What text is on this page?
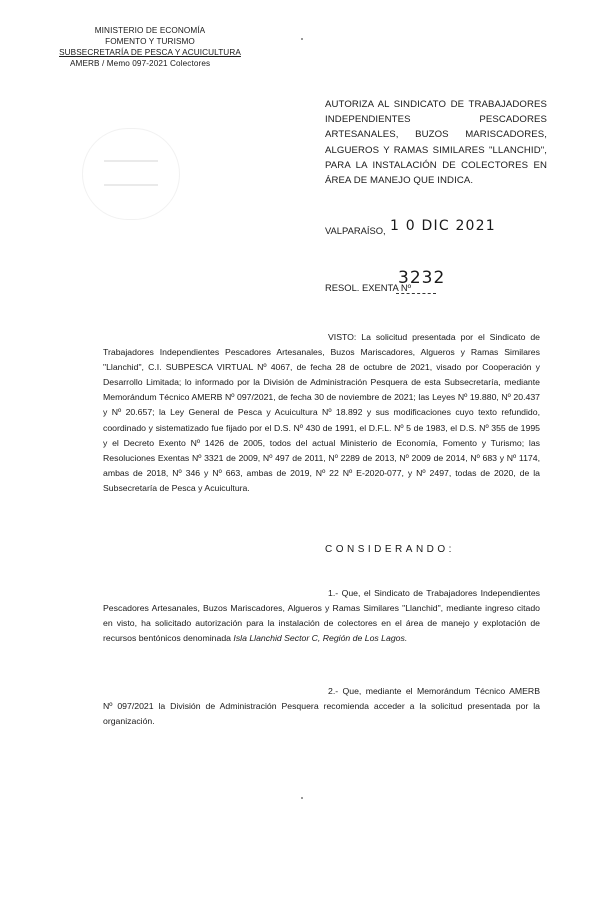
MINISTERIO DE ECONOMÍA
FOMENTO Y TURISMO
SUBSECRETARÍA DE PESCA Y ACUICULTURA
AMERB / Memo 097-2021 Colectores
AUTORIZA AL SINDICATO DE TRABAJADORES INDEPENDIENTES PESCADORES ARTESANALES, BUZOS MARISCADORES, ALGUEROS Y RAMAS SIMILARES "LLANCHID", PARA LA INSTALACIÓN DE COLECTORES EN ÁREA DE MANEJO QUE INDICA.
VALPARAÍSO, 1 0 DIC 2021
RESOL. EXENTA Nº
3232
VISTO: La solicitud presentada por el Sindicato de Trabajadores Independientes Pescadores Artesanales, Buzos Mariscadores, Algueros y Ramas Similares "Llanchid", C.I. SUBPESCA VIRTUAL Nº 4067, de fecha 28 de octubre de 2021, visado por Cooperación y Desarrollo Limitada; lo informado por la División de Administración Pesquera de esta Subsecretaría, mediante Memorándum Técnico AMERB Nº 097/2021, de fecha 30 de noviembre de 2021; las Leyes Nº 19.880, Nº 20.437 y Nº 20.657; la Ley General de Pesca y Acuicultura Nº 18.892 y sus modificaciones cuyo texto refundido, coordinado y sistematizado fue fijado por el D.S. Nº 430 de 1991, el D.F.L. Nº 5 de 1983, el D.S. Nº 355 de 1995 y el Decreto Exento Nº 1426 de 2005, todos del actual Ministerio de Economía, Fomento y Turismo; las Resoluciones Exentas Nº 3321 de 2009, Nº 497 de 2011, Nº 2289 de 2013, Nº 2009 de 2014, Nº 683 y Nº 1174, ambas de 2018, Nº 346 y Nº 663, ambas de 2019, Nº 22 Nº E-2020-077, y Nº 2497, todas de 2020, de la Subsecretaría de Pesca y Acuicultura.
CONSIDERANDO:
1.- Que, el Sindicato de Trabajadores Independientes Pescadores Artesanales, Buzos Mariscadores, Algueros y Ramas Similares "Llanchid", mediante ingreso citado en visto, ha solicitado autorización para la instalación de colectores en el área de manejo y explotación de recursos bentónicos denominada Isla Llanchid Sector C, Región de Los Lagos.
2.- Que, mediante el Memorándum Técnico AMERB Nº 097/2021 la División de Administración Pesquera recomienda acceder a la solicitud presentada por la organización.
